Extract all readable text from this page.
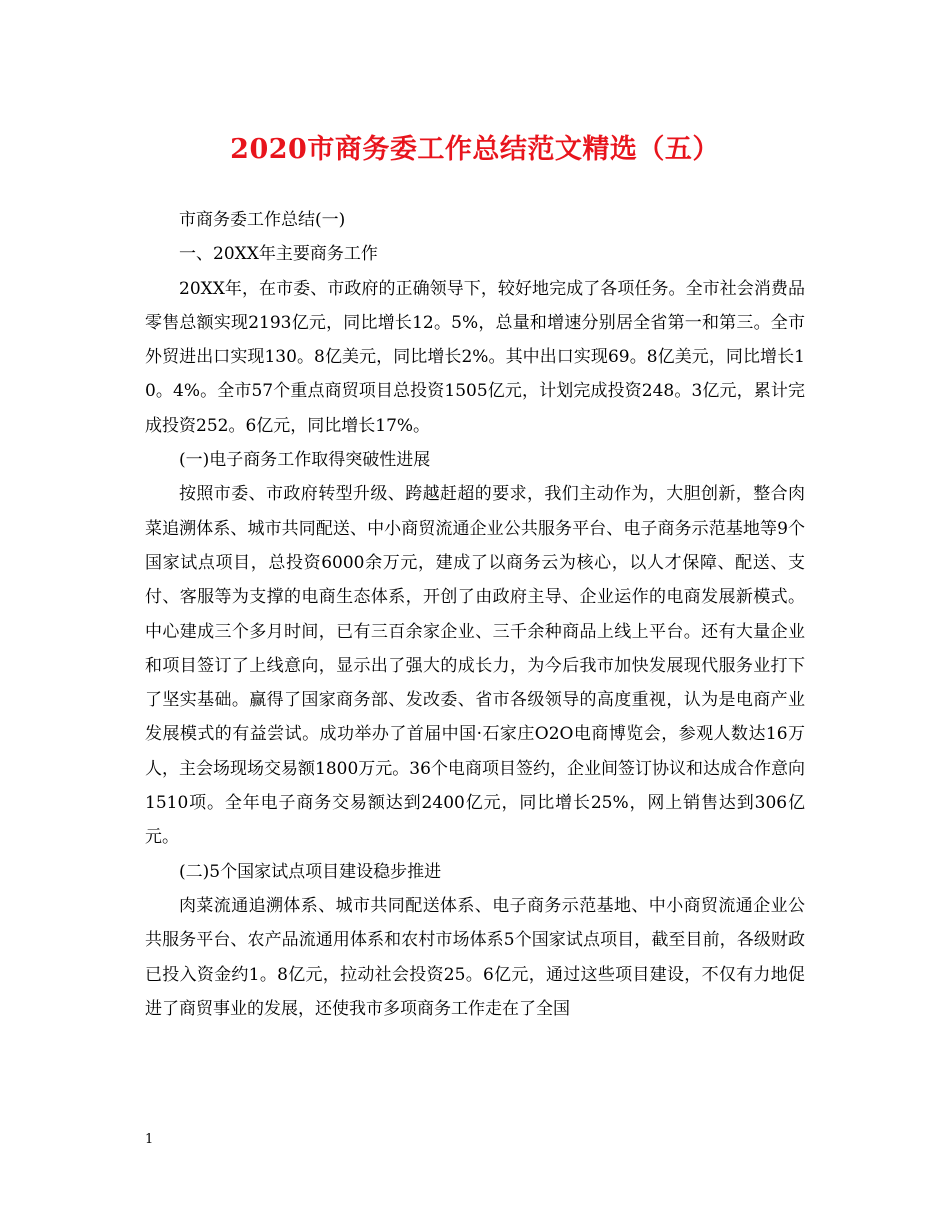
2020市商务委工作总结范文精选（五）

市商务委工作总结(一)

一、20XX年主要商务工作

20XX年，在市委、市政府的正确领导下，较好地完成了各项任务。全市社会消费品零售总额实现2193亿元，同比增长12。5%，总量和增速分别居全省第一和第三。全市外贸进出口实现130。8亿美元，同比增长2%。其中出口实现69。8亿美元，同比增长10。4%。全市57个重点商贸项目总投资1505亿元，计划完成投资248。3亿元，累计完成投资252。6亿元，同比增长17%。

(一)电子商务工作取得突破性进展

按照市委、市政府转型升级、跨越赶超的要求，我们主动作为，大胆创新，整合肉菜追溯体系、城市共同配送、中小商贸流通企业公共服务平台、电子商务示范基地等9个国家试点项目，总投资6000余万元，建成了以商务云为核心，以人才保障、配送、支付、客服等为支撑的电商生态体系，开创了由政府主导、企业运作的电商发展新模式。中心建成三个多月时间，已有三百余家企业、三千余种商品上线上平台。还有大量企业和项目签订了上线意向，显示出了强大的成长力，为今后我市加快发展现代服务业打下了坚实基础。赢得了国家商务部、发改委、省市各级领导的高度重视，认为是电商产业发展模式的有益尝试。成功举办了首届中国·石家庄O2O电商博览会，参观人数达16万人，主会场现场交易额1800万元。36个电商项目签约，企业间签订协议和达成合作意向1510项。全年电子商务交易额达到2400亿元，同比增长25%，网上销售达到306亿元。

(二)5个国家试点项目建设稳步推进

肉菜流通追溯体系、城市共同配送体系、电子商务示范基地、中小商贸流通企业公共服务平台、农产品流通用体系和农村市场体系5个国家试点项目，截至目前，各级财政已投入资金约1。8亿元，拉动社会投资25。6亿元，通过这些项目建设，不仅有力地促进了商贸事业的发展，还使我市多项商务工作走在了全国

1
